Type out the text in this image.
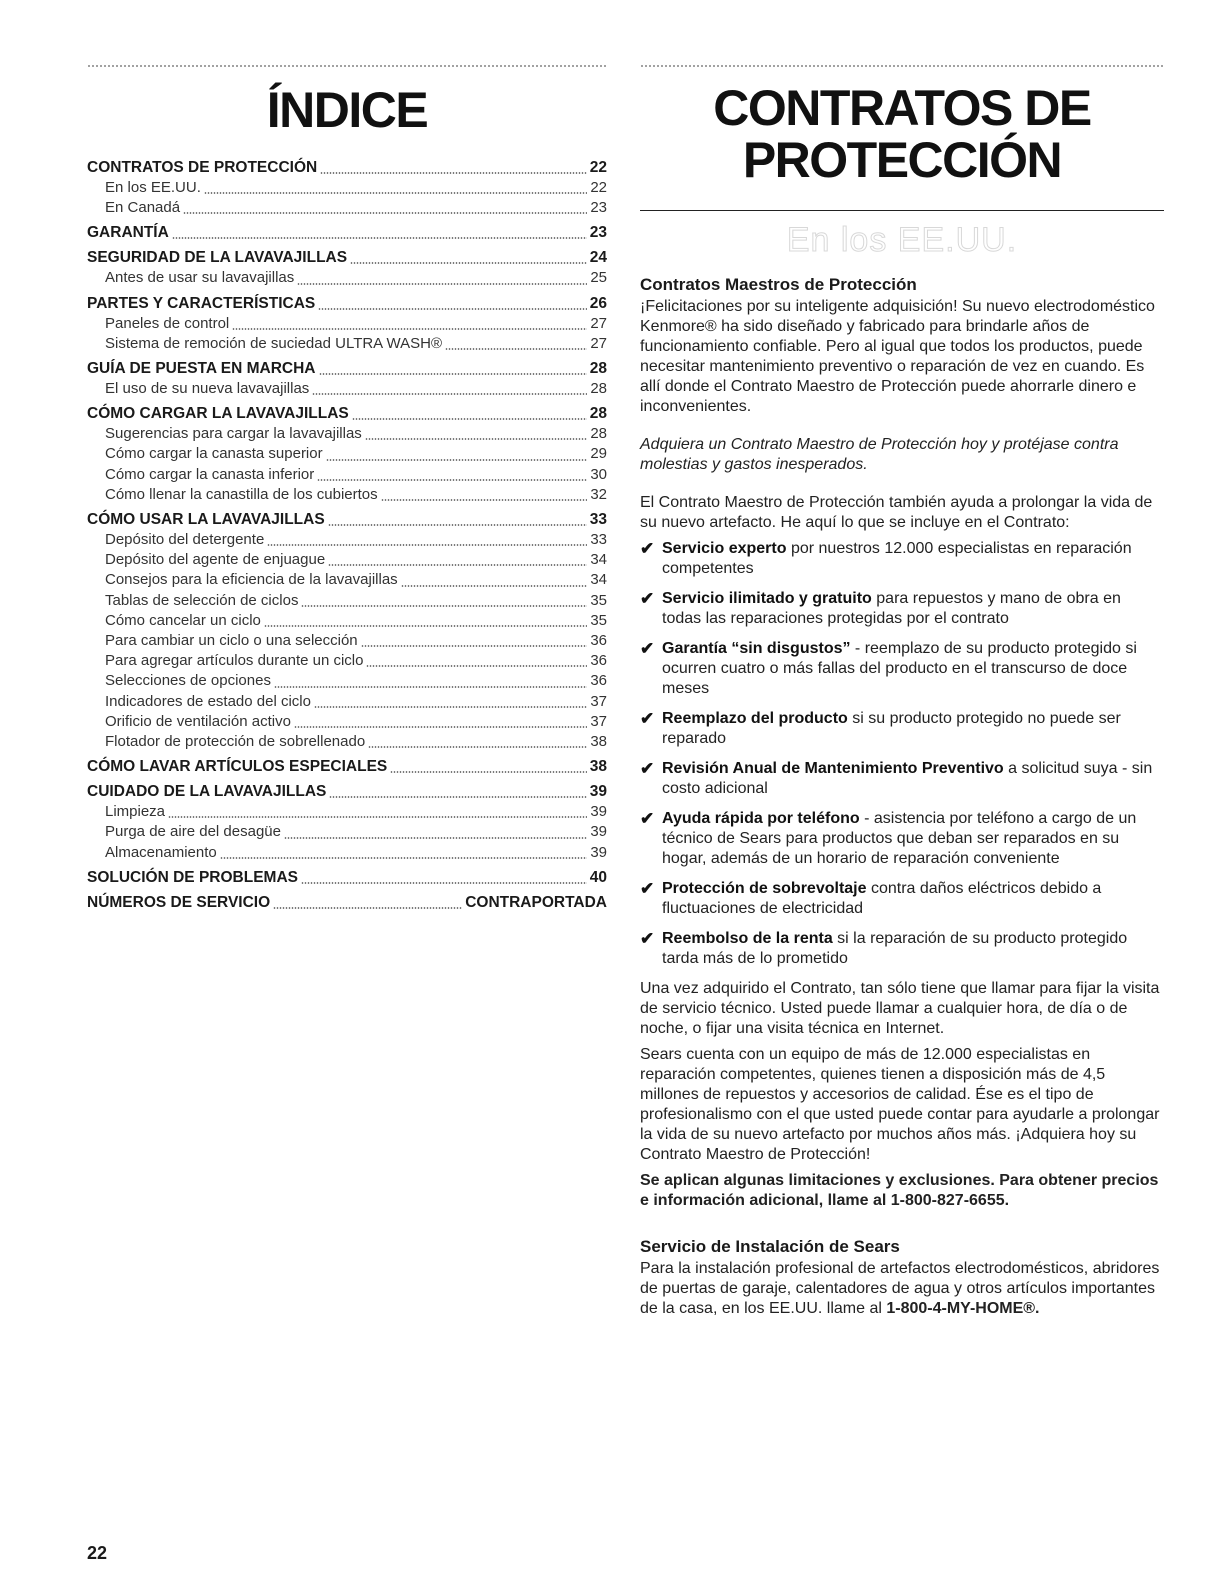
ÍNDICE
CONTRATOS DE PROTECCIÓN	22
En los EE.UU.	22
En Canadá	23
GARANTÍA	23
SEGURIDAD DE LA LAVAVAJILLAS	24
Antes de usar su lavavajillas	25
PARTES Y CARACTERÍSTICAS	26
Paneles de control	27
Sistema de remoción de suciedad ULTRA WASH®	27
GUÍA DE PUESTA EN MARCHA	28
El uso de su nueva lavavajillas	28
CÓMO CARGAR LA LAVAVAJILLAS	28
Sugerencias para cargar la lavavajillas	28
Cómo cargar la canasta superior	29
Cómo cargar la canasta inferior	30
Cómo llenar la canastilla de los cubiertos	32
CÓMO USAR LA LAVAVAJILLAS	33
Depósito del detergente	33
Depósito del agente de enjuague	34
Consejos para la eficiencia de la lavavajillas	34
Tablas de selección de ciclos	35
Cómo cancelar un ciclo	35
Para cambiar un ciclo o una selección	36
Para agregar artículos durante un ciclo	36
Selecciones de opciones	36
Indicadores de estado del ciclo	37
Orificio de ventilación activo	37
Flotador de protección de sobrellenado	38
CÓMO LAVAR ARTÍCULOS ESPECIALES	38
CUIDADO DE LA LAVAVAJILLAS	39
Limpieza	39
Purga de aire del desagüe	39
Almacenamiento	39
SOLUCIÓN DE PROBLEMAS	40
NÚMEROS DE SERVICIO	CONTRAPORTADA
CONTRATOS DE
PROTECCIÓN
En los EE.UU.
Contratos Maestros de Protección

¡Felicitaciones por su inteligente adquisición! Su nuevo electrodoméstico Kenmore® ha sido diseñado y fabricado para brindarle años de funcionamiento confiable. Pero al igual que todos los productos, puede necesitar mantenimiento preventivo o reparación de vez en cuando. Es allí donde el Contrato Maestro de Protección puede ahorrarle dinero e inconvenientes.

Adquiera un Contrato Maestro de Protección hoy y protéjase contra molestias y gastos inesperados.

El Contrato Maestro de Protección también ayuda a prolongar la vida de su nuevo artefacto. He aquí lo que se incluye en el Contrato:

✔ Servicio experto por nuestros 12.000 especialistas en reparación competentes
✔ Servicio ilimitado y gratuito para repuestos y mano de obra en todas las reparaciones protegidas por el contrato
✔ Garantía “sin disgustos” - reemplazo de su producto protegido si ocurren cuatro o más fallas del producto en el transcurso de doce meses
✔ Reemplazo del producto si su producto protegido no puede ser reparado
✔ Revisión Anual de Mantenimiento Preventivo a solicitud suya - sin costo adicional
✔ Ayuda rápida por teléfono - asistencia por teléfono a cargo de un técnico de Sears para productos que deban ser reparados en su hogar, además de un horario de reparación conveniente
✔ Protección de sobrevoltaje contra daños eléctricos debido a fluctuaciones de electricidad
✔ Reembolso de la renta si la reparación de su producto protegido tarda más de lo prometido

Una vez adquirido el Contrato, tan sólo tiene que llamar para fijar la visita de servicio técnico. Usted puede llamar a cualquier hora, de día o de noche, o fijar una visita técnica en Internet.

Sears cuenta con un equipo de más de 12.000 especialistas en reparación competentes, quienes tienen a disposición más de 4,5 millones de repuestos y accesorios de calidad. Ése es el tipo de profesionalismo con el que usted puede contar para ayudarle a prolongar la vida de su nuevo artefacto por muchos años más. ¡Adquiera hoy su Contrato Maestro de Protección!

Se aplican algunas limitaciones y exclusiones. Para obtener precios e información adicional, llame al 1-800-827-6655.

Servicio de Instalación de Sears

Para la instalación profesional de artefactos electrodomésticos, abridores de puertas de garaje, calentadores de agua y otros artículos importantes de la casa, en los EE.UU. llame al 1-800-4-MY-HOME®.

22
